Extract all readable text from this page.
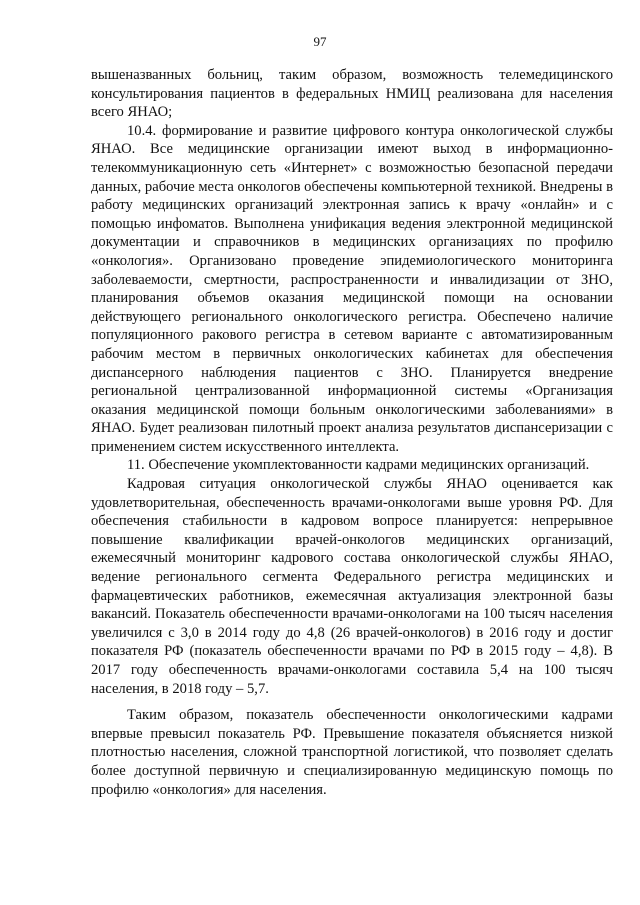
97

вышеназванных больниц, таким образом, возможность телемедицинского консультирования пациентов в федеральных НМИЦ реализована для населения всего ЯНАО;

10.4. формирование и развитие цифрового контура онкологической службы ЯНАО. Все медицинские организации имеют выход в информационно-телекоммуникационную сеть «Интернет» с возможностью безопасной передачи данных, рабочие места онкологов обеспечены компьютерной техникой. Внедрены в работу медицинских организаций электронная запись к врачу «онлайн» и с помощью инфоматов. Выполнена унификация ведения электронной медицинской документации и справочников в медицинских организациях по профилю «онкология». Организовано проведение эпидемиологического мониторинга заболеваемости, смертности, распространенности и инвалидизации от ЗНО, планирования объемов оказания медицинской помощи на основании действующего регионального онкологического регистра. Обеспечено наличие популяционного ракового регистра в сетевом варианте с автоматизированным рабочим местом в первичных онкологических кабинетах для обеспечения диспансерного наблюдения пациентов с ЗНО. Планируется внедрение региональной централизованной информационной системы «Организация оказания медицинской помощи больным онкологическими заболеваниями» в ЯНАО. Будет реализован пилотный проект анализа результатов диспансеризации с применением систем искусственного интеллекта.

11. Обеспечение укомплектованности кадрами медицинских организаций.

Кадровая ситуация онкологической службы ЯНАО оценивается как удовлетворительная, обеспеченность врачами-онкологами выше уровня РФ. Для обеспечения стабильности в кадровом вопросе планируется: непрерывное повышение квалификации врачей-онкологов медицинских организаций, ежемесячный мониторинг кадрового состава онкологической службы ЯНАО, ведение регионального сегмента Федерального регистра медицинских и фармацевтических работников, ежемесячная актуализация электронной базы вакансий. Показатель обеспеченности врачами-онкологами на 100 тысяч населения увеличился с 3,0 в 2014 году до 4,8 (26 врачей-онкологов) в 2016 году и достиг показателя РФ (показатель обеспеченности врачами по РФ в 2015 году – 4,8). В 2017 году обеспеченность врачами-онкологами составила 5,4 на 100 тысяч населения, в 2018 году – 5,7.

Таким образом, показатель обеспеченности онкологическими кадрами впервые превысил показатель РФ. Превышение показателя объясняется низкой плотностью населения, сложной транспортной логистикой, что позволяет сделать более доступной первичную и специализированную медицинскую помощь по профилю «онкология» для населения.
